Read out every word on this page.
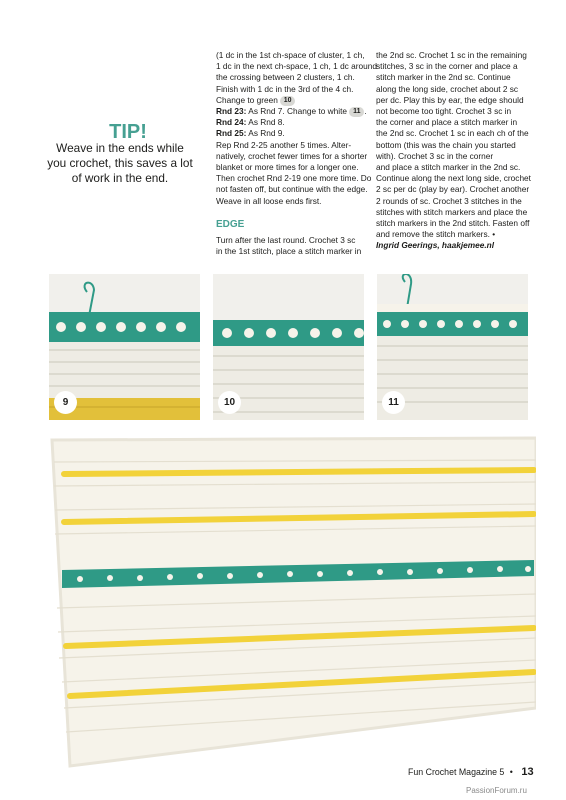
TIP!

Weave in the ends while
you crochet, this saves a lot
of work in the end.

(1 dc in the 1st ch-space of cluster, 1 ch,
1 dc in the next ch-space, 1 ch, 1 dc around
the crossing between 2 clusters, 1 ch.
Finish with 1 dc in the 3rd of the 4 ch.
Change to green 10
Rnd 23: As Rnd 7. Change to white 11 .
Rnd 24: As Rnd 8.
Rnd 25: As Rnd 9.
Rep Rnd 2-25 another 5 times. Alter-
natively, crochet fewer times for a shorter
blanket or more times for a longer one.
Then crochet Rnd 2-19 one more time. Do
not fasten off, but continue with the edge.
Weave in all loose ends first.
EDGE
Turn after the last round. Crochet 3 sc
in the 1st stitch, place a stitch marker in
the 2nd sc. Crochet 1 sc in the remaining
stitches, 3 sc in the corner and place a
stitch marker in the 2nd sc. Continue
along the long side, crochet about 2 sc
per dc. Play this by ear, the edge should
not become too tight. Crochet 3 sc in
the corner and place a stitch marker in
the 2nd sc. Crochet 1 sc in each ch of the
bottom (this was the chain you started
with). Crochet 3 sc in the corner
and place a stitch marker in the 2nd sc.
Continue along the next long side, crochet
2 sc per dc (play by ear). Crochet another
2 rounds of sc. Crochet 3 stitches in the
stitches with stitch markers and place the
stitch markers in the 2nd stitch. Fasten off
and remove the stitch markers. •
Ingrid Geerings, haakjemee.nl
9	10	11
Fun Crochet Magazine 5 • 13
PassionForum.ru
